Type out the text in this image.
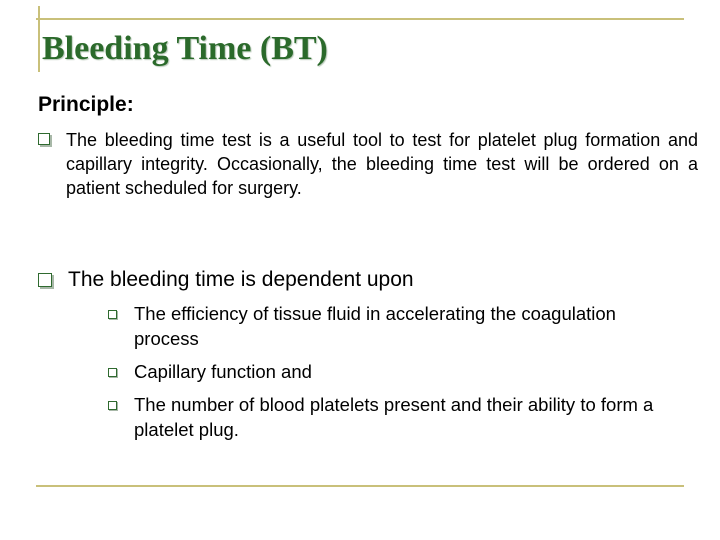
Bleeding Time (BT)
Principle:
The bleeding time test is a useful tool to test for platelet plug formation and capillary integrity. Occasionally, the bleeding time test will be ordered on a patient scheduled for surgery.
The bleeding time is dependent upon
The efficiency of tissue fluid in accelerating the coagulation process
Capillary function and
The number of blood platelets present and their ability to form a platelet plug.
